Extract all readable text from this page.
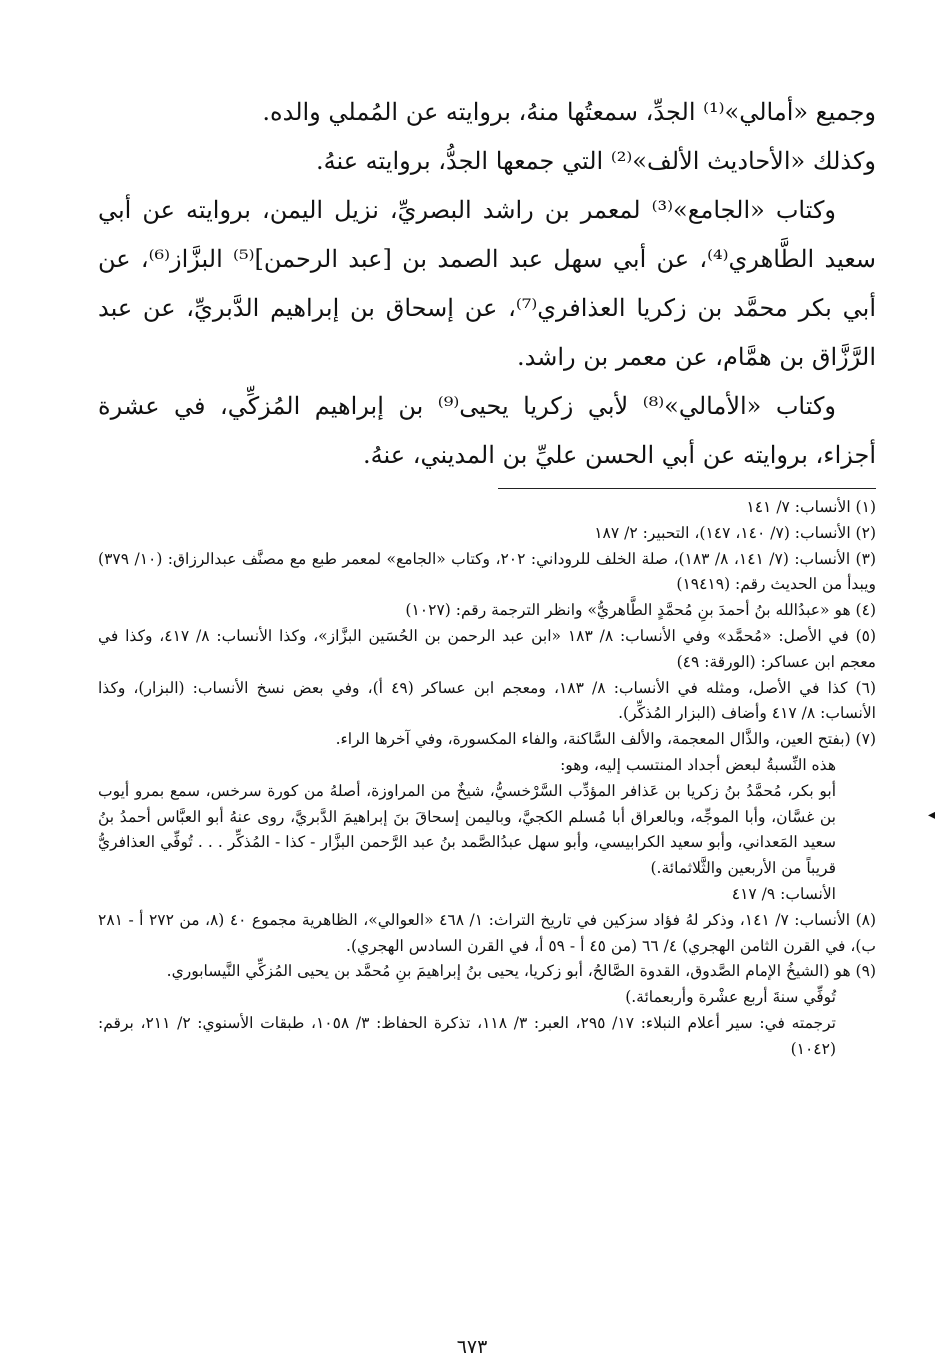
وجميع «أمالي»⁽¹⁾ الجدِّ، سمعتُها منهُ، بروايته عن المُملي والده.

وكذلك «الأحاديث الألف»⁽²⁾ التي جمعها الجدُّ، بروايته عنهُ.

وكتاب «الجامع»⁽³⁾ لمعمر بن راشد البصريِّ، نزيل اليمن، بروايته عن أبي سعيد الطَّاهري⁽⁴⁾، عن أبي سهل عبد الصمد بن [عبد الرحمن]⁽⁵⁾ البزَّاز⁽⁶⁾، عن أبي بكر محمَّد بن زكريا العذافري⁽⁷⁾، عن إسحاق بن إبراهيم الدَّبريِّ، عن عبد الرَّزَّاق بن همَّام، عن معمر بن راشد.

وكتاب «الأمالي»⁽⁸⁾ لأبي زكريا يحيى⁽⁹⁾ بن إبراهيم المُزكِّي، في عشرة أجزاء، بروايته عن أبي الحسن عليِّ بن المديني، عنهُ.

(١) الأنساب: ٧/ ١٤١

(٢) الأنساب: (٧/ ١٤٠، ١٤٧)، التحبير: ٢/ ١٨٧

(٣) الأنساب: (٧/ ١٤١، ٨/ ١٨٣)، صلة الخلف للروداني: ٢٠٢، وكتاب «الجامع» لمعمر طبع مع مصنَّف عبدالرزاق: (١٠/ ٣٧٩) ويبدأ من الحديث رقم: (١٩٤١٩)

(٤) هو «عبدُالله بنُ أحمدَ بنِ مُحمَّدٍ الطَّاهريُّ» وانظر الترجمة رقم: (١٠٢٧)

(٥) في الأصل: «مُحمَّد» وفي الأنساب: ٨/ ١٨٣ «ابن عبد الرحمن بن الحُسَين البزَّاز»، وكذا الأنساب: ٨/ ٤١٧، وكذا في معجم ابن عساكر: (الورقة: ٤٩)

(٦) كذا في الأصل، ومثله في الأنساب: ٨/ ١٨٣، ومعجم ابن عساكر (٤٩ أ)، وفي بعض نسخ الأنساب: (البزار)، وكذا الأنساب: ٨/ ٤١٧ وأضاف (البزار المُذكِّر).

(٧) (بفتح العين، والذَّال المعجمة، والألف السَّاكنة، والفاء المكسورة، وفي آخرها الراء.

هذه النِّسبةُ لبعض أجداد المنتسب إليه، وهو:

أبو بكر، مُحمَّدُ بنُ زكريا بن عَذافر المؤدِّب السَّرْخسيُّ، شيخٌ من المراوزة، أصلهُ من كورة سرخس، سمع بمرو أيوب بن غسَّان، وأبا الموجِّه، وبالعراق أبا مُسلم الكجيَّ، وباليمن إسحاقَ بنَ إبراهيمَ الدَّبريَّ، روى عنهُ أبو العبَّاس أحمدُ بنُ سعيد المَعداني، وأبو سعيد الكرابيسي، وأبو سهل عبدُالصَّمد بنُ عبد الرَّحمن البزَّار - كذا - المُذكِّر . . . تُوفِّي العذافريُّ قريباً من الأربعين والثَّلاثمائة.)

الأنساب: ٩/ ٤١٧

(٨) الأنساب: ٧/ ١٤١، وذكر لهُ فؤاد سزكين في تاريخ التراث: ١/ ٤٦٨ «العوالي»، الظاهرية مجموع ٤٠ (٨، من ٢٧٢ أ - ٢٨١ ب)، في القرن الثامن الهجري) ٤/ ٦٦ (من ٤٥ أ - ٥٩ أ، في القرن السادس الهجري).

(٩) هو (الشيخُ الإمام الصَّدوق، القدوة الصَّالحُ، أبو زكريا، يحيى بنُ إبراهيمَ بنِ مُحمَّد بن يحيى المُزكِّي النَّيسابوري.

تُوفِّي سنةَ أربع عشْرة وأربعمائة.)

ترجمته في: سير أعلام النبلاء: ١٧/ ٢٩٥، العبر: ٣/ ١١٨، تذكرة الحفاظ: ٣/ ١٠٥٨، طبقات الأسنوي: ٢/ ٢١١، برقم: (١٠٤٢)

◂
٦٧٣
